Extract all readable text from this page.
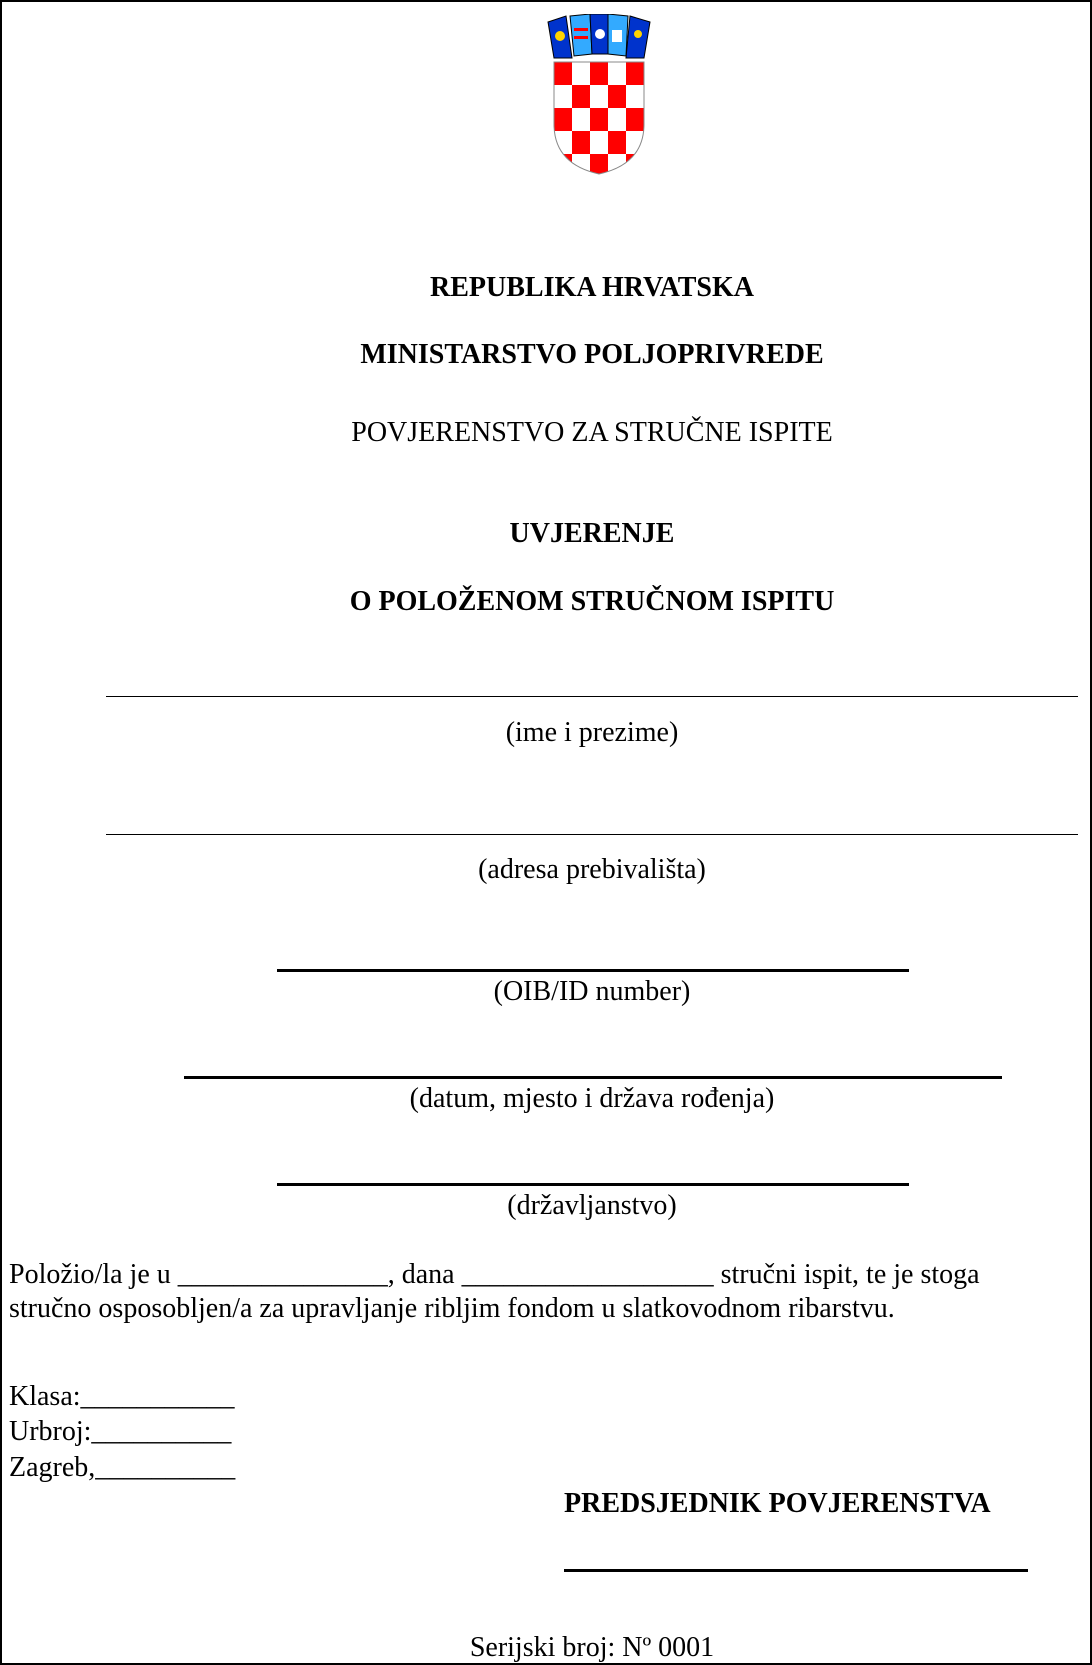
REPUBLIKA HRVATSKA
MINISTARSTVO POLJOPRIVREDE
POVJERENSTVO ZA STRUČNE ISPITE
UVJERENJE
O POLOŽENOM STRUČNOM ISPITU
(ime i prezime)
(adresa prebivališta)
(OIB/ID number)
(datum, mjesto i država rođenja)
(državljanstvo)
Položio/la je u _______________, dana __________________ stručni ispit, te je stoga
stručno osposobljen/a za upravljanje ribljim fondom u slatkovodnom ribarstvu.
Klasa:___________
Urbroj:__________
Zagreb,__________
PREDSJEDNIK POVJERENSTVA
Serijski broj: Nº 0001
